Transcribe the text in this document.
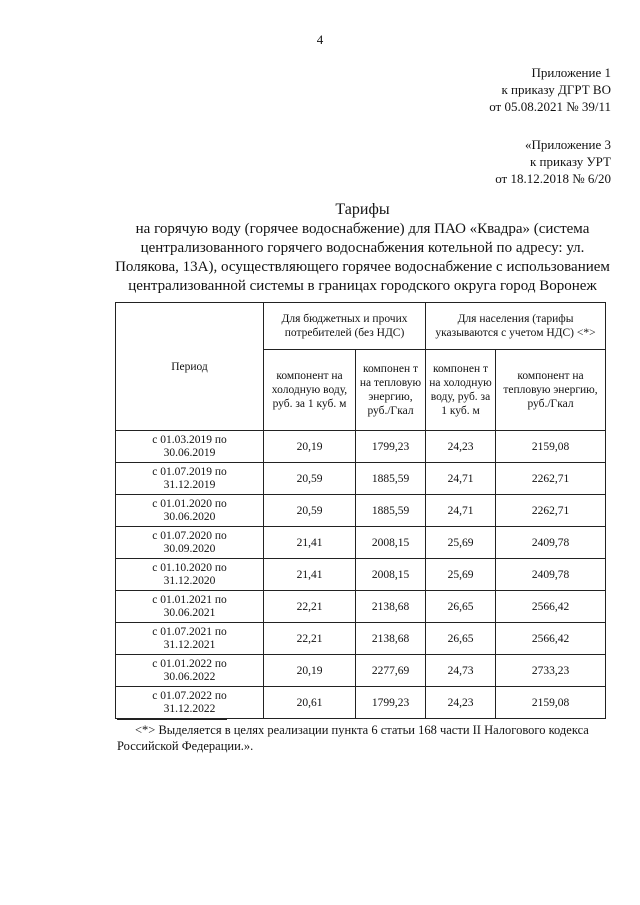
4
Приложение 1
к приказу ДГРТ ВО
от 05.08.2021 № 39/11
«Приложение 3
к приказу УРТ
от 18.12.2018 № 6/20
Тарифы
на горячую воду (горячее водоснабжение) для ПАО «Квадра» (система
централизованного горячего водоснабжения котельной по адресу: ул.
Полякова, 13А), осуществляющего горячее водоснабжение с использованием
централизованной системы в границах городского округа город Воронеж
Период	Для бюджетных и прочих потребителей (без НДС)		Для населения (тарифы указываются с учетом НДС) <*>	
	компонент на холодную воду, руб. за 1 куб. м	компонен т на тепловую энергию, руб./Гкал	компонен т на холодную воду, руб. за 1 куб. м	компонент на тепловую энергию, руб./Гкал

с 01.03.2019 по
30.06.2019	20,19	1799,23	24,23	2159,08

с 01.07.2019 по
31.12.2019	20,59	1885,59	24,71	2262,71

с 01.01.2020 по
30.06.2020	20,59	1885,59	24,71	2262,71

с 01.07.2020 по
30.09.2020	21,41	2008,15	25,69	2409,78

с 01.10.2020 по
31.12.2020	21,41	2008,15	25,69	2409,78

с 01.01.2021 по
30.06.2021	22,21	2138,68	26,65	2566,42

с 01.07.2021 по
31.12.2021	22,21	2138,68	26,65	2566,42

с 01.01.2022 по
30.06.2022	20,19	2277,69	24,73	2733,23

с 01.07.2022 по
31.12.2022	20,61	1799,23	24,23	2159,08
<*> Выделяется в целях реализации пункта 6 статьи 168 части II Налогового кодекса Российской Федерации.».
